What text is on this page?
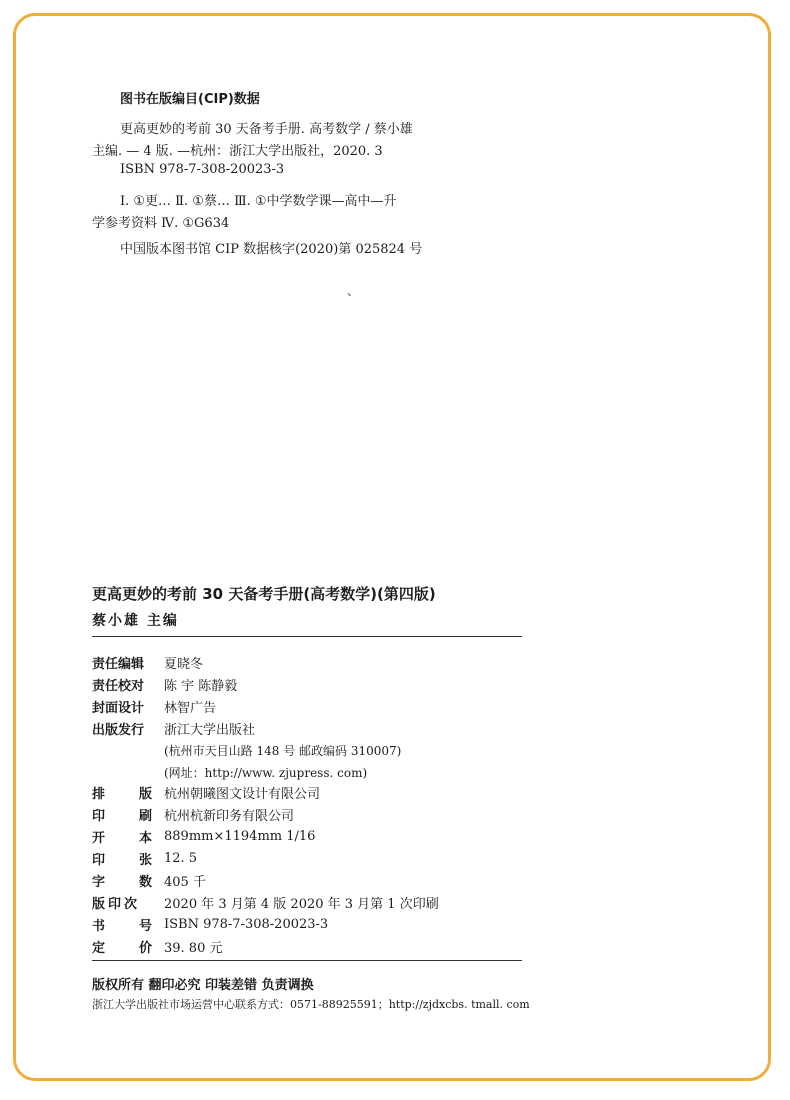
图书在版编目(CIP)数据
更高更妙的考前 30 天备考手册. 高考数学 / 蔡小雄
主编. — 4 版. —杭州：浙江大学出版社，2020. 3
ISBN 978-7-308-20023-3
Ⅰ. ①更… Ⅱ. ①蔡… Ⅲ. ①中学数学课—高中—升
学参考资料 Ⅳ. ①G634
中国版本图书馆 CIP 数据核字(2020)第 025824 号
、
更高更妙的考前 30 天备考手册(高考数学)(第四版)
蔡小雄 主编
责任编辑	夏晓冬
责任校对	陈 宇 陈静毅
封面设计	林智广告
出版发行	浙江大学出版社
(杭州市天目山路 148 号 邮政编码 310007)
(网址：http://www. zjupress. com)
排	版 杭州朝曦图文设计有限公司
印	刷 杭州杭新印务有限公司
开	本 889mm×1194mm 1/16
印	张 12. 5
字	数 405 千
版印次	2020 年 3 月第 4 版 2020 年 3 月第 1 次印刷
书	号 ISBN 978-7-308-20023-3
定	价 39. 80 元
版权所有 翻印必究 印装差错 负责调换
浙江大学出版社市场运营中心联系方式：0571-88925591；http://zjdxcbs. tmall. com
